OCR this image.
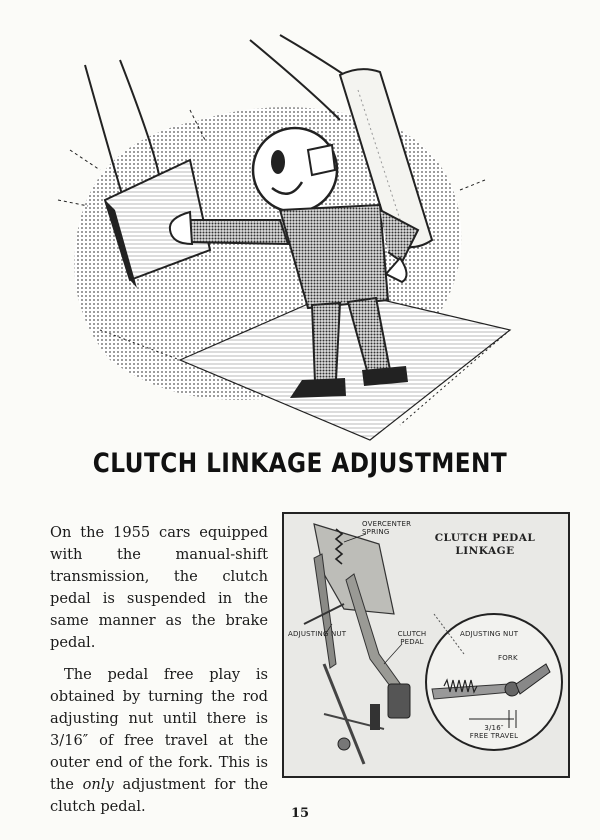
CLUTCH LINKAGE ADJUSTMENT

On the 1955 cars equipped with the manual-shift transmission, the clutch pedal is suspended in the same manner as the brake pedal.

The pedal free play is obtained by turning the rod adjusting nut until there is 3/16″ of free travel at the outer end of the fork. This is the only adjustment for the clutch pedal.

OVERCENTER
SPRING	CLUTCH PEDAL
LINKAGE
ADJUSTING NUT	CLUTCH
PEDAL
ADJUSTING NUT
FORK
3/16″
FREE TRAVEL
15
